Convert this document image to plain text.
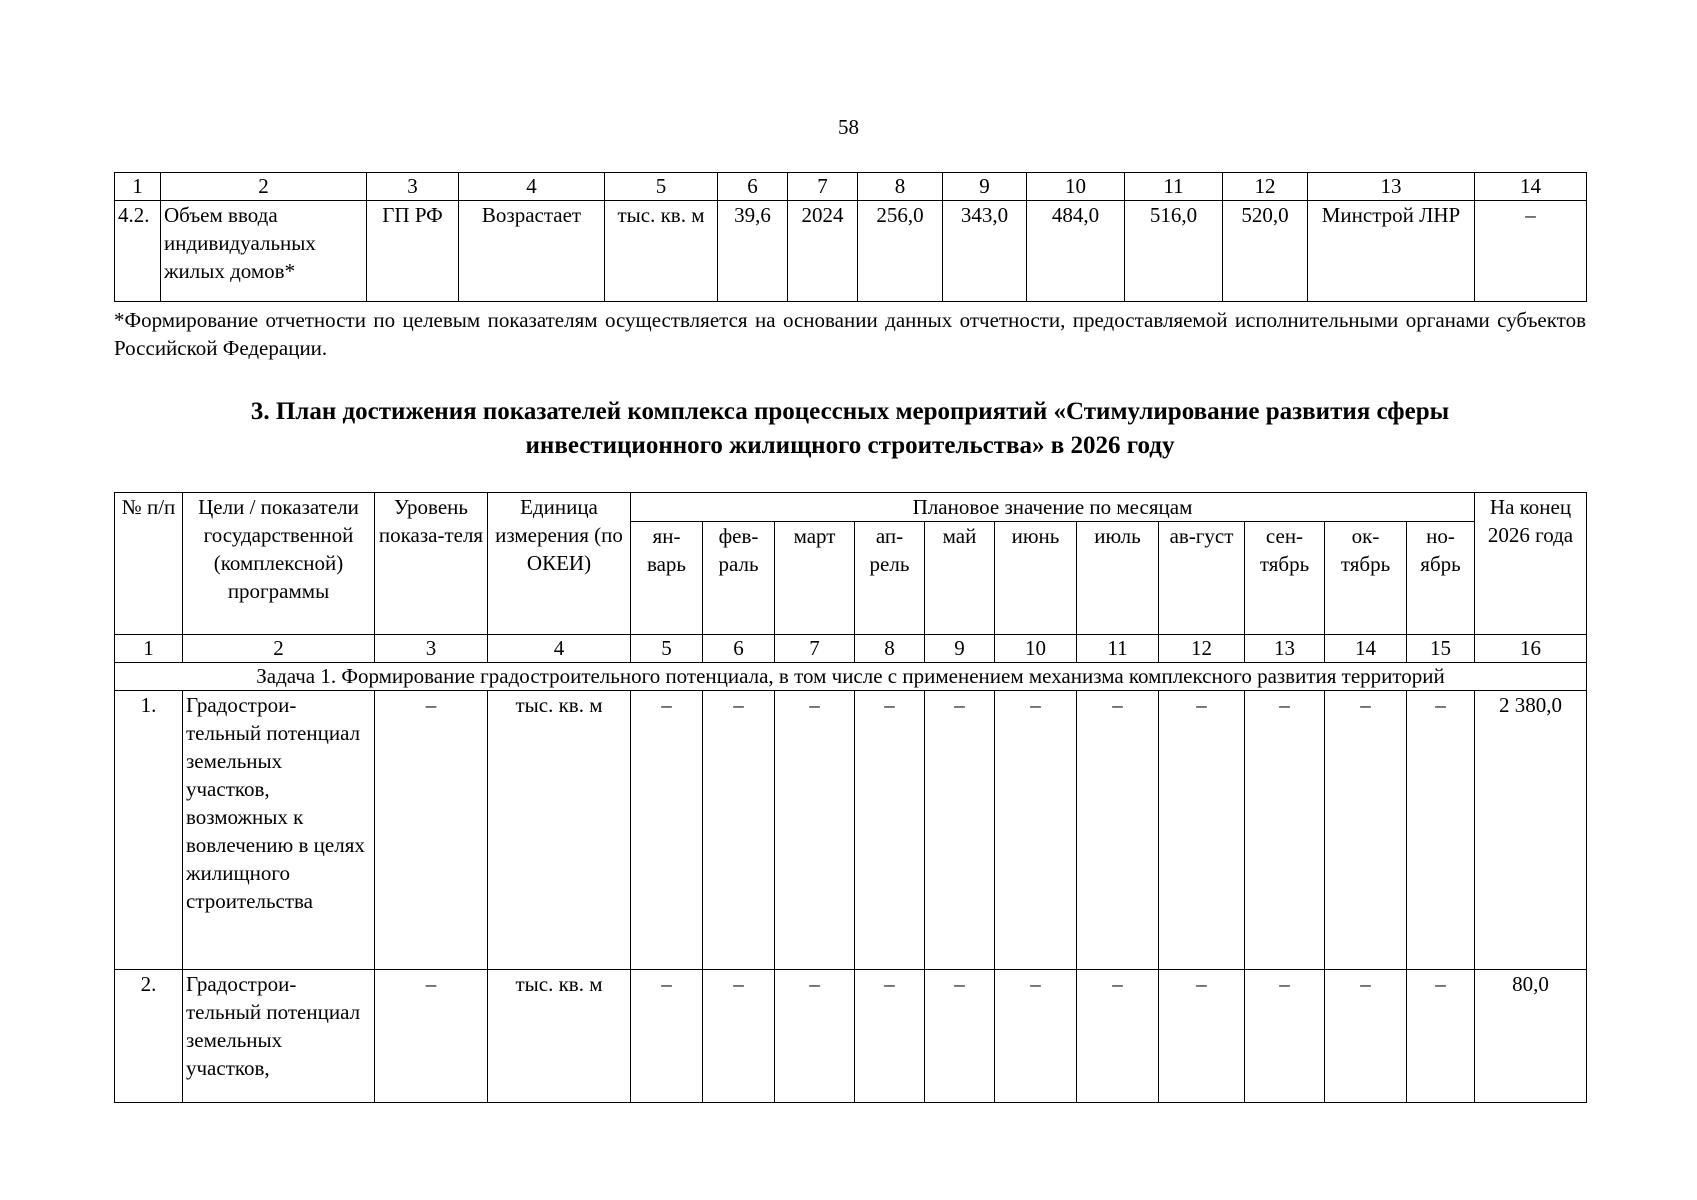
58
1	2	3	4	5	6	7	8	9	10	11	12	13	14
4.2.	Объем ввода индивидуальных жилых домов*	ГП РФ	Возрастает	тыс. кв. м	39,6	2024	256,0	343,0	484,0	516,0	520,0	Минстрой ЛНР	–
*Формирование отчетности по целевым показателям осуществляется на основании данных отчетности, предоставляемой исполнительными органами субъектов Российской Федерации.
3. План достижения показателей комплекса процессных мероприятий «Стимулирование развития сферы
инвестиционного жилищного строительства» в 2026 году
№ п/п	Цели / показатели государственной (комплексной) программы	Уровень показа-теля	Единица измерения (по ОКЕИ)	Плановое значение по месяцам											На конец 2026 года
				ян-варь	фев-раль	март	ап-рель	май	июнь	июль	ав-густ	сен-тябрь	ок-тябрь	но-ябрь	
1	2	3	4	5	6	7	8	9	10	11	12	13	14	15	16
Задача 1. Формирование градостроительного потенциала, в том числе с применением механизма комплексного развития территорий															
1.	Градострои-тельный потенциал земельных участков, возможных к вовлечению в целях жилищного строительства	–	тыс. кв. м	–	–	–	–	–	–	–	–	–	–	–	2 380,0
2.	Градострои-тельный потенциал земельных участков,	–	тыс. кв. м	–	–	–	–	–	–	–	–	–	–	–	80,0
